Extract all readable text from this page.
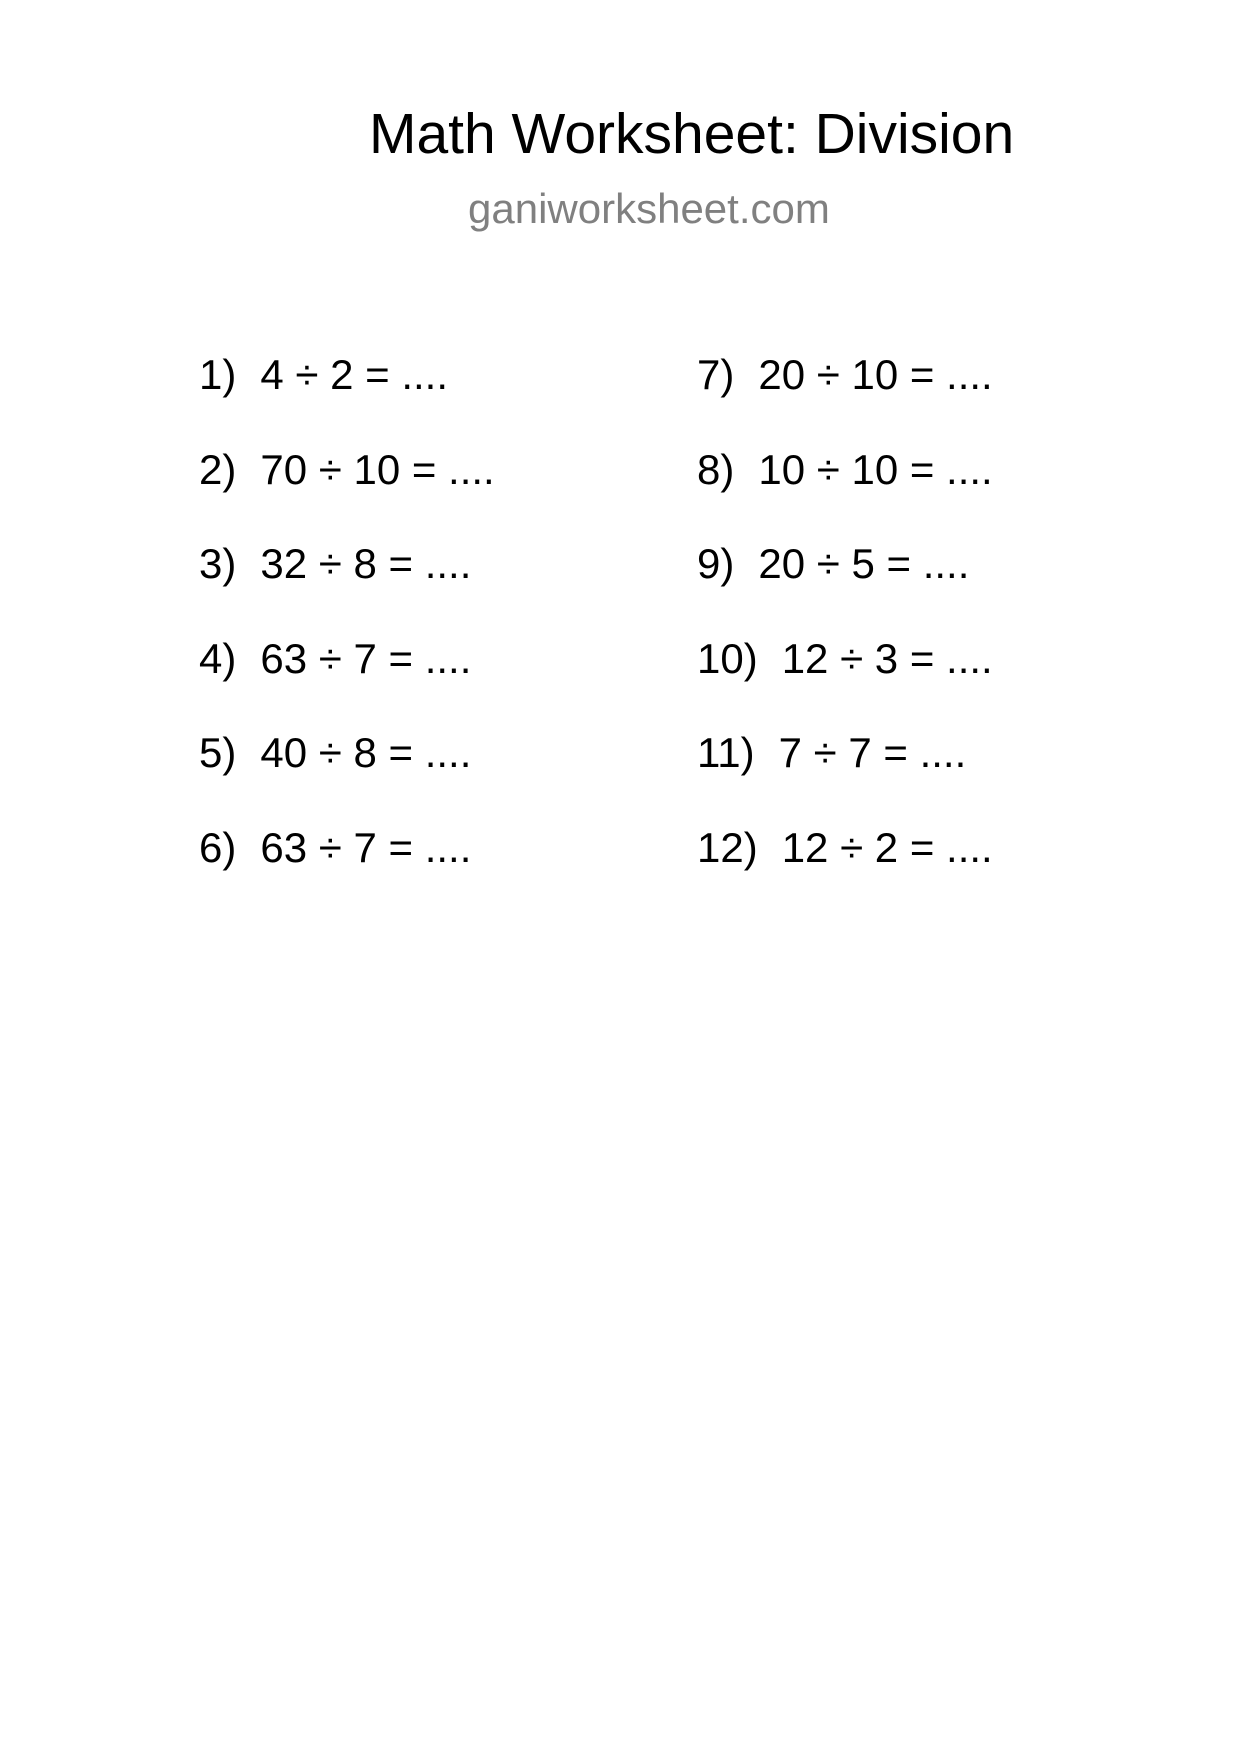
Math Worksheet: Division
ganiworksheet.com
1) 4 ÷ 2 = ....
2) 70 ÷ 10 = ....
3) 32 ÷ 8 = ....
4) 63 ÷ 7 = ....
5) 40 ÷ 8 = ....
6) 63 ÷ 7 = ....
7) 20 ÷ 10 = ....
8) 10 ÷ 10 = ....
9) 20 ÷ 5 = ....
10) 12 ÷ 3 = ....
11) 7 ÷ 7 = ....
12) 12 ÷ 2 = ....
